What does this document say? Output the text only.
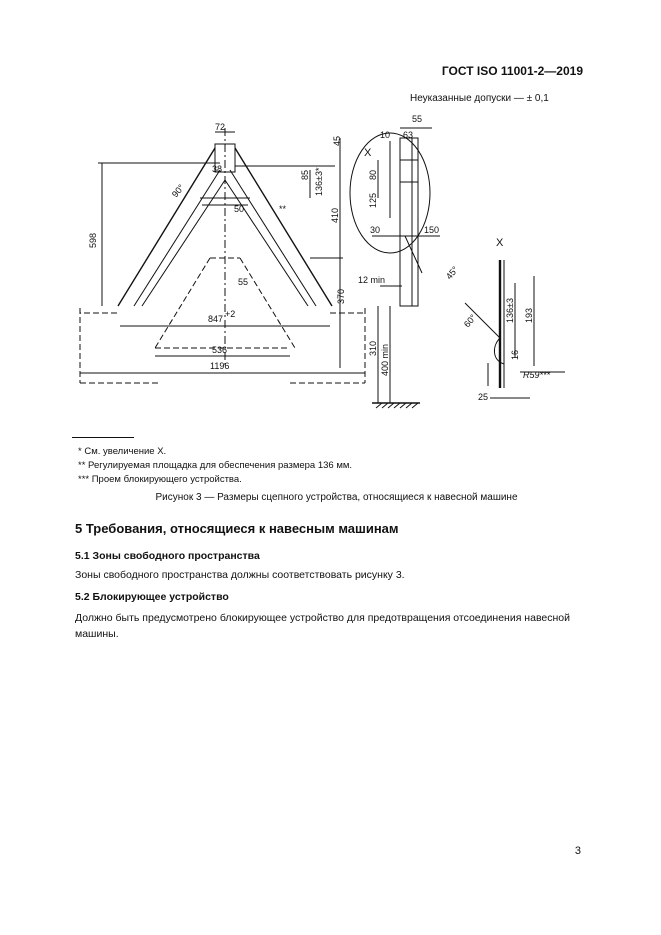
ГОСТ ISO 11001-2—2019
Неуказанные допуски — ± 0,1
X
X
**
72
45
38
85 136±3*
90°
50
598
410
55
847 +2
370
536
1196
12 min
310 400 min
55
10 63
80
125
30	150
45°
136±3 193
60°
16
25
R59***
* См. увеличение X.
** Регулируемая площадка для обеспечения размера 136 мм.
*** Проем блокирующего устройства.
Рисунок 3 — Размеры сцепного устройства, относящиеся к навесной машине
5 Требования, относящиеся к навесным машинам
5.1 Зоны свободного пространства
Зоны свободного пространства должны соответствовать рисунку 3.
5.2 Блокирующее устройство
Должно быть предусмотрено блокирующее устройство для предотвращения отсоединения навесной машины.
3
